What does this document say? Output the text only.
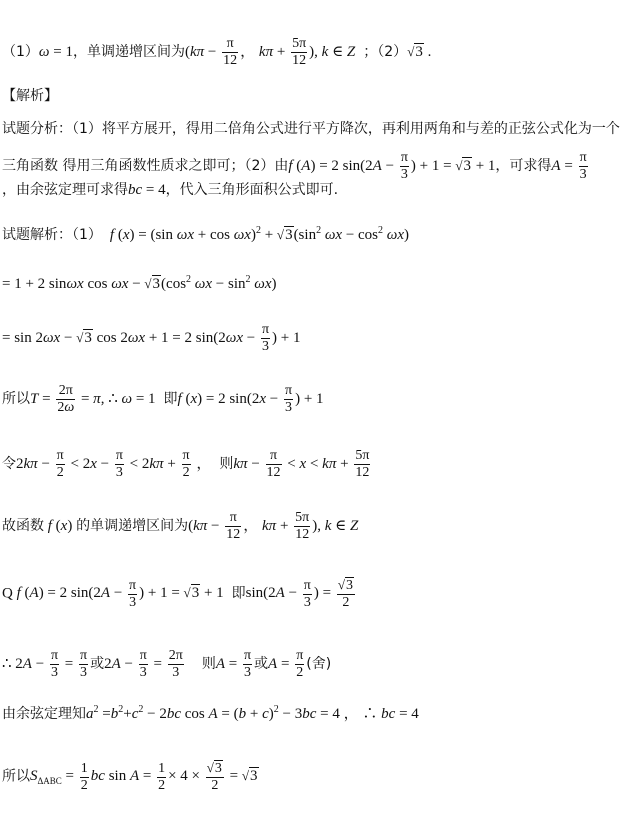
（1）ω = 1，单调递增区间为($k\pi - \frac{\pi}{12}$ ， $k\pi + \frac{5\pi}{12}$ ), k ∈ Z ；（2）√3 .
【解析】
试题分析：（1）将平方展开，得用二倍角公式进行平方降次，再利用两角和与差的正弦公式化为一个
三角函数 得用三角函数性质求之即可；（2）由f (A) = 2 $\sin(2A - \frac{\pi}{3}$ ) + 1 = √3 + 1，可求得$A = \frac{\pi}{3}$
，由余弦定理可求得bc = 4，代入三角形面积公式即可.
试题解析：（1） f (x) = (sin $\omega x + \cos \omega x)^2 + √3(\sin^2$ $\omega x - \cos^2 \omega x$)
= 1 + 2 sinωx $\cos \omega x - √3(\cos^2$ $\omega x - \sin^2 \omega x$)
= sin 2ωx − √3 cos 2ωx + 1 = 2 $\sin(2\omega x - \frac{\pi}{3}$ ) + 1
所以$T = \frac{2\pi}{2\omega} = \pi$, ∴ ω = 1 即f (x) = 2 $\sin(2x - \frac{\pi}{3}$ ) + 1
令$2k\pi - \frac{\pi}{2} < 2x - \frac{\pi}{3} < 2k\pi + \frac{\pi}{2}$ ， 则$k\pi - \frac{\pi}{12} < x < k\pi + \frac{5\pi}{12}$
故函数 f (x) 的单调递增区间为($k\pi - \frac{\pi}{12}$ ， $k\pi + \frac{5\pi}{12}$ ), k ∈ Z
Q f (A) = 2 $\sin(2A - \frac{\pi}{3}$ ) + 1 = √3 + 1 即$\sin(2A - \frac{\pi}{3}$ ) = $\frac{√3}{2}$
∴ $2A - \frac{\pi}{3} = \frac{\pi}{3}$ 或$2A - \frac{\pi}{3} = \frac{2\pi}{3}$ 则$A = \frac{\pi}{3}$ 或$A = \frac{\pi}{2}$ (舍)
由余弦定理知$a^2 =b^2+c^2 - 2bc$ $\cos A = (b + c)^2 - 3bc = 4$ ， ∴ bc = 4
所以$S_{\Delta ABC} = \frac{1}{2}$ bc $\sin A = \frac{1}{2} \times 4 \times \frac{√3}{2} = √3$
